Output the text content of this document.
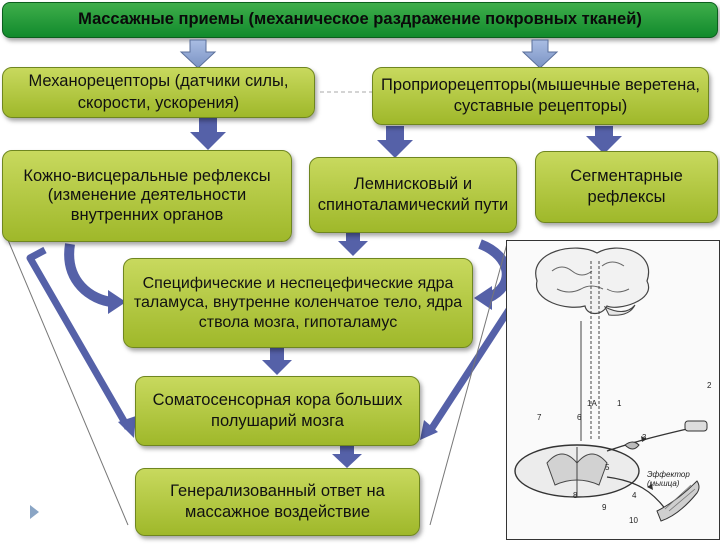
Массажные приемы (механическое раздражение покровных тканей)
Механорецепторы (датчики силы, скорости, ускорения)
Проприорецепторы(мышечные веретена, суставные рецепторы)
Кожно-висцеральные рефлексы (изменение деятельности внутренних органов
Лемнисковый и спиноталамический пути
Сегментарные рефлексы
Специфические и неспецефические ядра таламуса, внутренне коленчатое тело, ядра ствола мозга, гипоталамус
Соматосенсорная кора больших полушарий мозга
Генерализованный ответ на массажное воздействие
1
1A
2
3
4
5
6
7
8
9
10
Эффектор (мышца)
